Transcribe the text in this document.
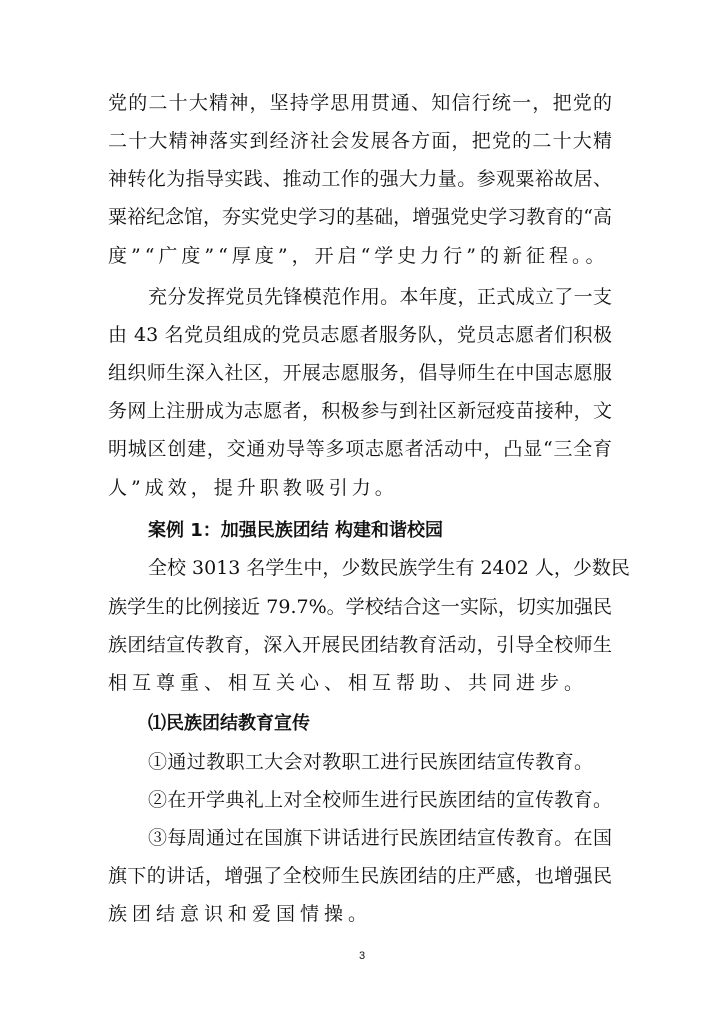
党的二十大精神，坚持学思用贯通、知信行统一，把党的
二十大精神落实到经济社会发展各方面，把党的二十大精
神转化为指导实践、推动工作的强大力量。参观粟裕故居、
粟裕纪念馆，夯实党史学习的基础，增强党史学习教育的“高
度”“广度”“厚度”，开启“学史力行”的新征程。。
充分发挥党员先锋模范作用。本年度，正式成立了一支
由 43 名党员组成的党员志愿者服务队，党员志愿者们积极
组织师生深入社区，开展志愿服务，倡导师生在中国志愿服
务网上注册成为志愿者，积极参与到社区新冠疫苗接种，文
明城区创建，交通劝导等多项志愿者活动中，凸显“三全育
人”成效，提升职教吸引力。
案例 1：加强民族团结 构建和谐校园
全校 3013 名学生中，少数民族学生有 2402 人，少数民
族学生的比例接近 79.7%。学校结合这一实际，切实加强民
族团结宣传教育，深入开展民团结教育活动，引导全校师生
相互尊重、相互关心、相互帮助、共同进步。
⑴民族团结教育宣传
①通过教职工大会对教职工进行民族团结宣传教育。
②在开学典礼上对全校师生进行民族团结的宣传教育。
③每周通过在国旗下讲话进行民族团结宣传教育。在国
旗下的讲话，增强了全校师生民族团结的庄严感，也增强民
族团结意识和爱国情操。
3
